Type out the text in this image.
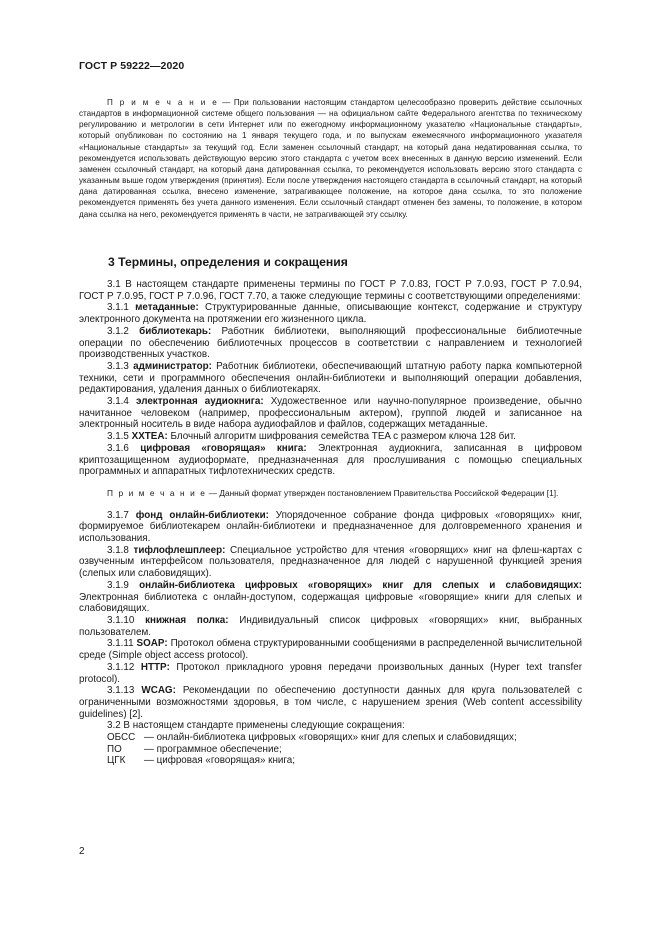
ГОСТ Р 59222—2020

П р и м е ч а н и е — При пользовании настоящим стандартом целесообразно проверить действие ссылочных стандартов в информационной системе общего пользования — на официальном сайте Федерального агентства по техническому регулированию и метрологии в сети Интернет или по ежегодному информационному указателю «Национальные стандарты», который опубликован по состоянию на 1 января текущего года, и по выпускам ежемесячного информационного указателя «Национальные стандарты» за текущий год. Если заменен ссылочный стандарт, на который дана недатированная ссылка, то рекомендуется использовать действующую версию этого стандарта с учетом всех внесенных в данную версию изменений. Если заменен ссылочный стандарт, на который дана датированная ссылка, то рекомендуется использовать версию этого стандарта с указанным выше годом утверждения (принятия). Если после утверждения настоящего стандарта в ссылочный стандарт, на который дана датированная ссылка, внесено изменение, затрагивающее положение, на которое дана ссылка, то это положение рекомендуется применять без учета данного изменения. Если ссылочный стандарт отменен без замены, то положение, в котором дана ссылка на него, рекомендуется применять в части, не затрагивающей эту ссылку.

3 Термины, определения и сокращения

3.1 В настоящем стандарте применены термины по ГОСТ Р 7.0.83, ГОСТ Р 7.0.93, ГОСТ Р 7.0.94, ГОСТ Р 7.0.95, ГОСТ Р 7.0.96, ГОСТ 7.70, а также следующие термины с соответствующими определениями:

3.1.1 метаданные: Структурированные данные, описывающие контекст, содержание и структуру электронного документа на протяжении его жизненного цикла.

3.1.2 библиотекарь: Работник библиотеки, выполняющий профессиональные библиотечные операции по обеспечению библиотечных процессов в соответствии с направлением и технологией производственных участков.

3.1.3 администратор: Работник библиотеки, обеспечивающий штатную работу парка компьютерной техники, сети и программного обеспечения онлайн-библиотеки и выполняющий операции добавления, редактирования, удаления данных о библиотекарях.

3.1.4 электронная аудиокнига: Художественное или научно-популярное произведение, обычно начитанное человеком (например, профессиональным актером), группой людей и записанное на электронный носитель в виде набора аудиофайлов и файлов, содержащих метаданные.

3.1.5 XXTEA: Блочный алгоритм шифрования семейства TEA с размером ключа 128 бит.

3.1.6 цифровая «говорящая» книга: Электронная аудиокнига, записанная в цифровом криптозащищенном аудиоформате, предназначенная для прослушивания с помощью специальных программных и аппаратных тифлотехнических средств.

П р и м е ч а н и е — Данный формат утвержден постановлением Правительства Российской Федерации [1].

3.1.7 фонд онлайн-библиотеки: Упорядоченное собрание фонда цифровых «говорящих» книг, формируемое библиотекарем онлайн-библиотеки и предназначенное для долговременного хранения и использования.

3.1.8 тифлофлешплеер: Специальное устройство для чтения «говорящих» книг на флеш-картах с озвученным интерфейсом пользователя, предназначенное для людей с нарушенной функцией зрения (слепых или слабовидящих).

3.1.9 онлайн-библиотека цифровых «говорящих» книг для слепых и слабовидящих: Электронная библиотека с онлайн-доступом, содержащая цифровые «говорящие» книги для слепых и слабовидящих.

3.1.10 книжная полка: Индивидуальный список цифровых «говорящих» книг, выбранных пользователем.

3.1.11 SOAP: Протокол обмена структурированными сообщениями в распределенной вычислительной среде (Simple object access protocol).

3.1.12 HTTP: Протокол прикладного уровня передачи произвольных данных (Hyper text transfer protocol).

3.1.13 WCAG: Рекомендации по обеспечению доступности данных для круга пользователей с ограниченными возможностями здоровья, в том числе, с нарушением зрения (Web content accessibility guidelines) [2].

3.2 В настоящем стандарте применены следующие сокращения:

ОБСС — онлайн-библиотека цифровых «говорящих» книг для слепых и слабовидящих;
ПО	— программное обеспечение;
ЦГК	— цифровая «говорящая» книга;
2
